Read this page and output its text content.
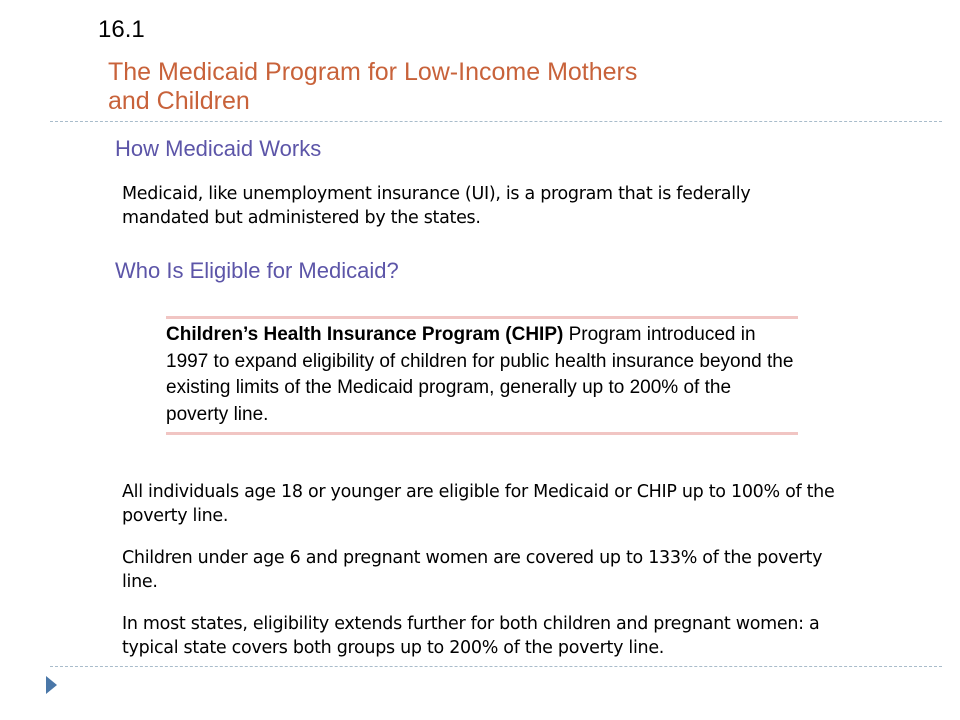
16.1
The Medicaid Program for Low-Income Mothers
and Children
How Medicaid Works
Medicaid, like unemployment insurance (UI), is a program that is federally mandated but administered by the states.
Who Is Eligible for Medicaid?
Children’s Health Insurance Program (CHIP) Program introduced in 1997 to expand eligibility of children for public health insurance beyond the existing limits of the Medicaid program, generally up to 200% of the poverty line.
All individuals age 18 or younger are eligible for Medicaid or CHIP up to 100% of the poverty line.
Children under age 6 and pregnant women are covered up to 133% of the poverty line.
In most states, eligibility extends further for both children and pregnant women: a typical state covers both groups up to 200% of the poverty line.
